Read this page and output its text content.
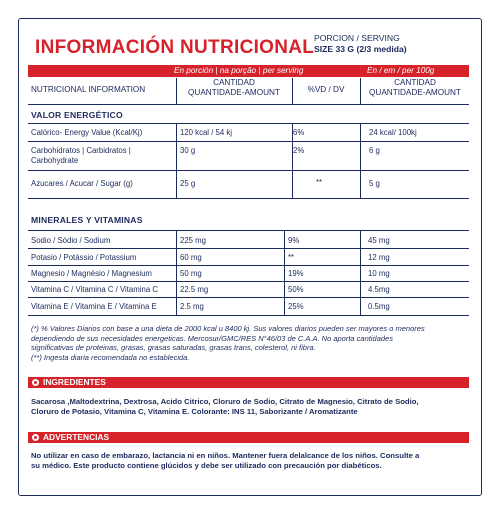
INFORMACIÓN NUTRICIONAL PORCION / SERVING
SIZE 33 G (2/3 medida)
En porción | na porção | per serving	En / em / per 100g
NUTRICIONAL INFORMATION
CANTIDAD
QUANTIDADE-AMOUNT	%VD / DV
CANTIDAD
QUANTIDADE-AMOUNT
VALOR ENERGÉTICO
Calórico- Energy Value (Kcal/Kj)	120 kcal / 54 kj	6%	24 kcal/ 100kj
Carbohidratos | Carbidratos |
Carbohydrate
30 g	2%	6 g
Azucares / Acucar / Sugar (g)	25 g	**	5 g
MINERALES Y VITAMINAS
Sodio / Sódio / Sodium	225 mg	9%	45 mg
Potasio / Potássio / Potassium	60 mg	**	12 mg
Magnesio / Magnésio / Magnesium	50 mg	19%	10 mg
Vitamina C / Vitamina C / Vitamina C	22.5 mg	50%	4.5mg
Vitamina E / Vitamina E / Vitamina E	2.5 mg	25%	0.5mg
(*) % Valores Diarios con base a una dieta de 2000 kcal u 8400 kj. Sus valores diarios pueden ser mayores o menores
dependiendo de sus necesidades energeticas. Mercosur/GMC/RES N°46/03 de C.A.A. No aporta cantidades
significativas de proteinas, grasas, grasas saturadas, grasas trans, colesterol, ni fibra.
(**) Ingesta diaria recomendada no establecida.
INGREDIENTES
Sacarosa ,Maltodextrina, Dextrosa, Acido Citrico, Cloruro de Sodio, Citrato de Magnesio, Citrato de Sodio,
Cloruro de Potasio, Vitamina C, Vitamina E. Colorante: INS 11, Saborizante / Aromatizante
ADVERTENCIAS
No utilizar en caso de embarazo, lactancia ni en niños. Mantener fuera delalcance de los niños. Consulte a
su médico. Este producto contiene glúcidos y debe ser utilizado con precaución por diabéticos.
